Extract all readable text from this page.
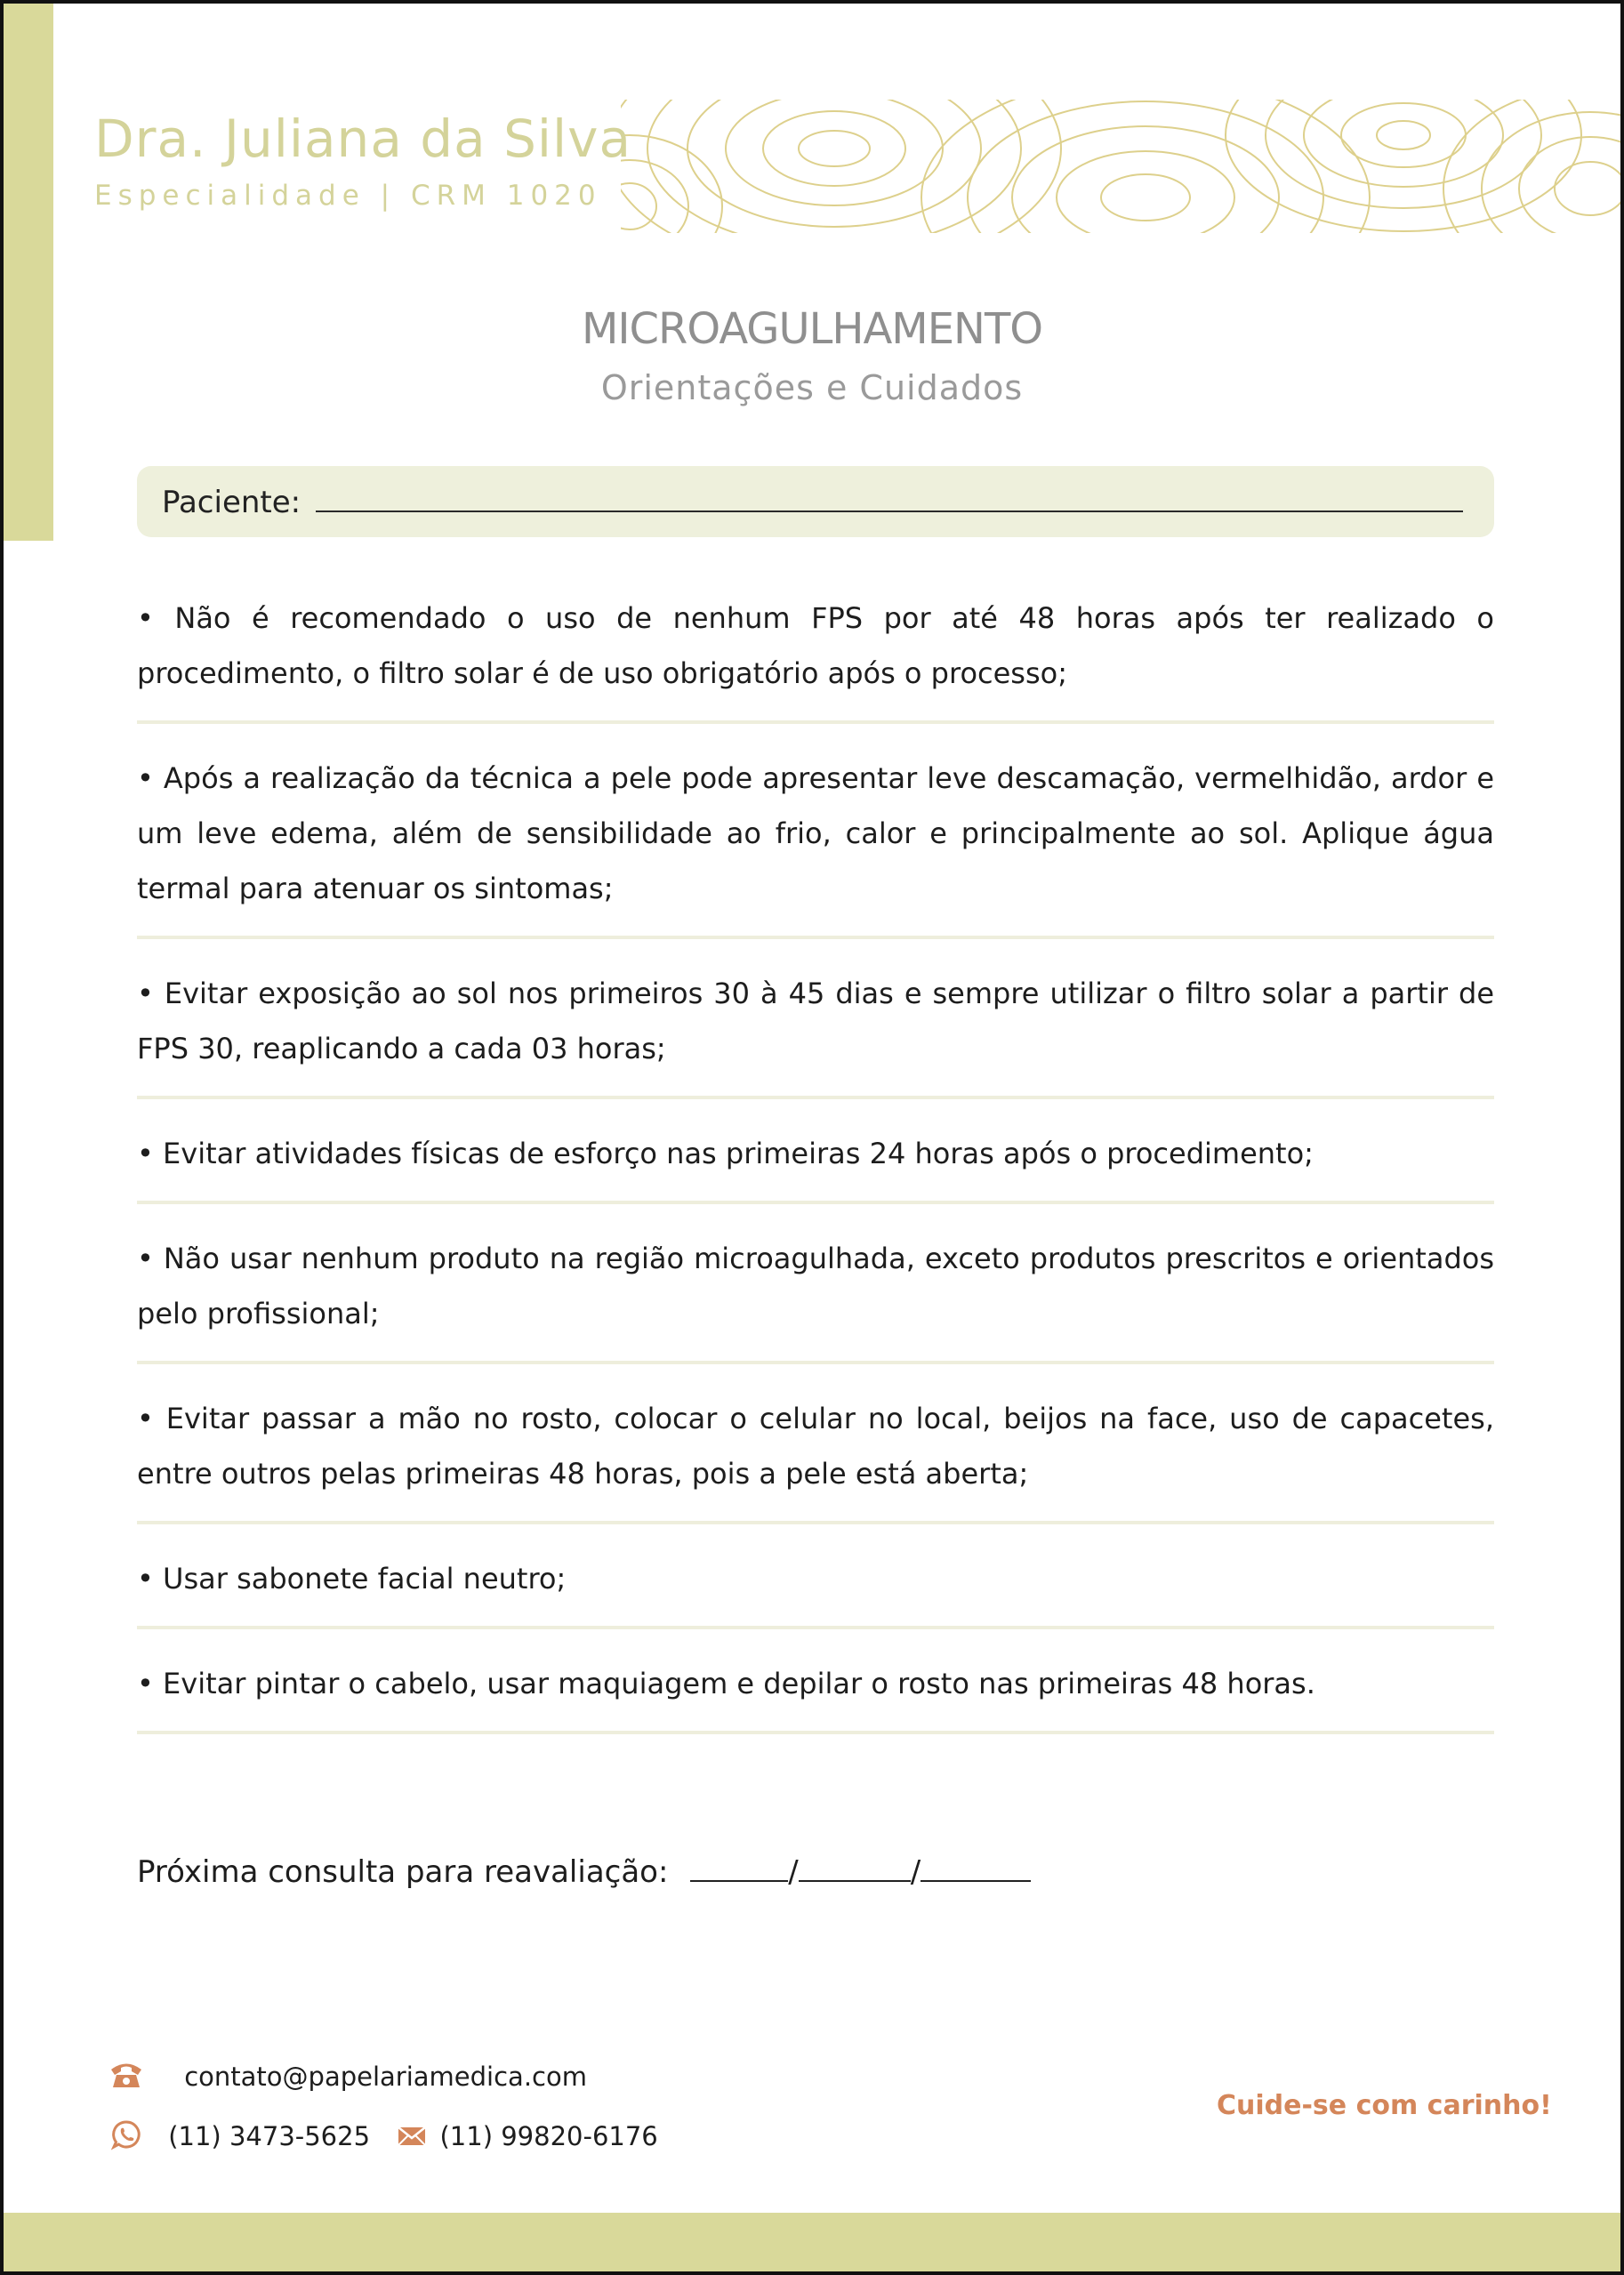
Dra. Juliana da Silva
Especialidade | CRM 1020
MICROAGULHAMENTO
Orientações e Cuidados
Paciente:
• Não é recomendado o uso de nenhum FPS por até 48 horas após ter realizado o procedimento, o filtro solar é de uso obrigatório após o processo;
• Após a realização da técnica a pele pode apresentar leve descamação, vermelhidão, ardor e um leve edema, além de sensibilidade ao frio, calor e principalmente ao sol. Aplique água termal para atenuar os sintomas;
• Evitar exposição ao sol nos primeiros 30 à 45 dias e sempre utilizar o filtro solar a partir de FPS 30, reaplicando a cada 03 horas;
• Evitar atividades físicas de esforço nas primeiras 24 horas após o procedimento;
• Não usar nenhum produto na região microagulhada, exceto produtos prescritos e orientados pelo profissional;
• Evitar passar a mão no rosto, colocar o celular no local, beijos na face, uso de capacetes, entre outros pelas primeiras 48 horas, pois a pele está aberta;
• Usar sabonete facial neutro;
• Evitar pintar o cabelo, usar maquiagem e depilar o rosto nas primeiras 48 horas.
Próxima consulta para reavaliação:	/	/
contato@papelariamedica.com
(11) 3473-5625	(11) 99820-6176
Cuide-se com carinho!
